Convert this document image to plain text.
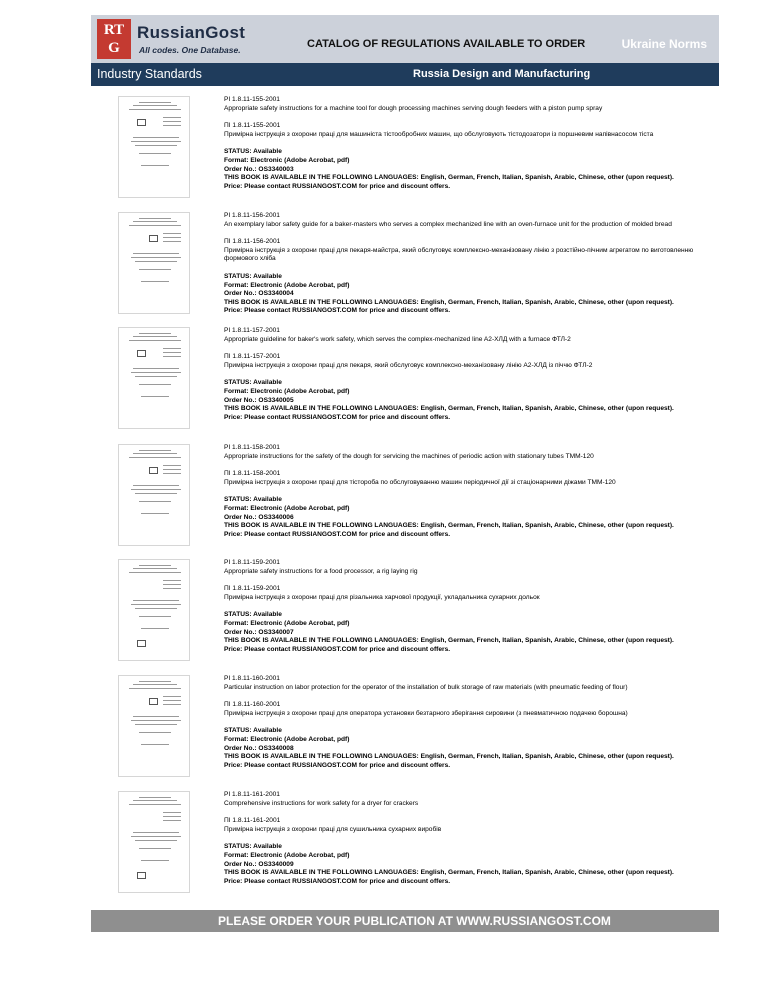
RT
G
RussianGost
All codes. One Database.	CATALOG OF REGULATIONS AVAILABLE TO ORDER	Ukraine Norms
Industry Standards	Russia Design and Manufacturing
PI 1.8.11-155-2001
Appropriate safety instructions for a machine tool for dough processing machines serving dough feeders with a piston pump spray
ПІ 1.8.11-155-2001
Примірна інструкція з охорони праці для машиніста тістообробних машин, що обслуговують тістодозатори із поршневим напівнасосом тіста
STATUS: Available
Format: Electronic (Adobe Acrobat, pdf)
Order No.: OS3340003
THIS BOOK IS AVAILABLE IN THE FOLLOWING LANGUAGES: English, German, French, Italian, Spanish, Arabic, Chinese, other (upon request).
Price: Please contact RUSSIANGOST.COM for price and discount offers.
PI 1.8.11-156-2001
An exemplary labor safety guide for a baker-masters who serves a complex mechanized line with an oven-furnace unit for the production of molded bread
ПІ 1.8.11-156-2001
Примірна інструкція з охорони праці для пекаря-майстра, який обслуговує комплексно-механізовану лінію з розстійно-пічним агрегатом по виготовленню формового хліба
STATUS: Available
Format: Electronic (Adobe Acrobat, pdf)
Order No.: OS3340004
THIS BOOK IS AVAILABLE IN THE FOLLOWING LANGUAGES: English, German, French, Italian, Spanish, Arabic, Chinese, other (upon request).
Price: Please contact RUSSIANGOST.COM for price and discount offers.
PI 1.8.11-157-2001
Appropriate guideline for baker's work safety, which serves the complex-mechanized line A2-ХЛД with a furnace ФТЛ-2
ПІ 1.8.11-157-2001
Примірна інструкція з охорони праці для пекаря, який обслуговує комплексно-механізовану лінію А2-ХЛД із піччю ФТЛ-2
STATUS: Available
Format: Electronic (Adobe Acrobat, pdf)
Order No.: OS3340005
THIS BOOK IS AVAILABLE IN THE FOLLOWING LANGUAGES: English, German, French, Italian, Spanish, Arabic, Chinese, other (upon request).
Price: Please contact RUSSIANGOST.COM for price and discount offers.
PI 1.8.11-158-2001
Appropriate instructions for the safety of the dough for servicing the machines of periodic action with stationary tubes ТММ-120
ПІ 1.8.11-158-2001
Примірна інструкція з охорони праці для тістороба по обслуговуванню машин періодичної дії зі стаціонарними діжами ТММ-120
STATUS: Available
Format: Electronic (Adobe Acrobat, pdf)
Order No.: OS3340006
THIS BOOK IS AVAILABLE IN THE FOLLOWING LANGUAGES: English, German, French, Italian, Spanish, Arabic, Chinese, other (upon request).
Price: Please contact RUSSIANGOST.COM for price and discount offers.
PI 1.8.11-159-2001
Appropriate safety instructions for a food processor, a rig laying rig
ПІ 1.8.11-159-2001
Примірна інструкція з охорони праці для різальника харчової продукції, укладальника сухарних дольок
STATUS: Available
Format: Electronic (Adobe Acrobat, pdf)
Order No.: OS3340007
THIS BOOK IS AVAILABLE IN THE FOLLOWING LANGUAGES: English, German, French, Italian, Spanish, Arabic, Chinese, other (upon request).
Price: Please contact RUSSIANGOST.COM for price and discount offers.
PI 1.8.11-160-2001
Particular instruction on labor protection for the operator of the installation of bulk storage of raw materials (with pneumatic feeding of flour)
ПІ 1.8.11-160-2001
Примірна інструкція з охорони праці для оператора установки безтарного зберігання сировини (з пневматичною подачею борошна)
STATUS: Available
Format: Electronic (Adobe Acrobat, pdf)
Order No.: OS3340008
THIS BOOK IS AVAILABLE IN THE FOLLOWING LANGUAGES: English, German, French, Italian, Spanish, Arabic, Chinese, other (upon request).
Price: Please contact RUSSIANGOST.COM for price and discount offers.
PI 1.8.11-161-2001
Comprehensive instructions for work safety for a dryer for crackers
ПІ 1.8.11-161-2001
Примірна інструкція з охорони праці для сушильника сухарних виробів
STATUS: Available
Format: Electronic (Adobe Acrobat, pdf)
Order No.: OS3340009
THIS BOOK IS AVAILABLE IN THE FOLLOWING LANGUAGES: English, German, French, Italian, Spanish, Arabic, Chinese, other (upon request).
Price: Please contact RUSSIANGOST.COM for price and discount offers.
PLEASE ORDER YOUR PUBLICATION AT WWW.RUSSIANGOST.COM
